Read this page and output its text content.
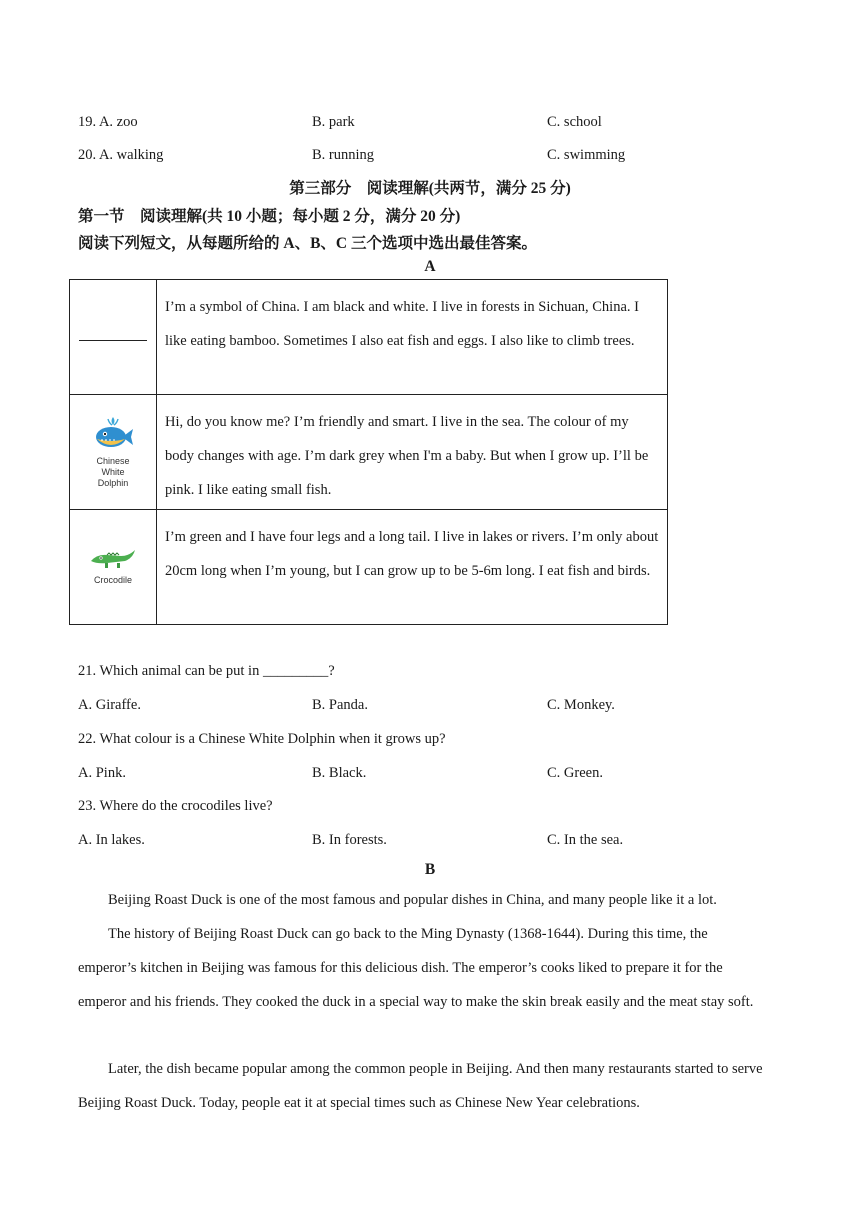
19. A. zoo	B. park	C. school
20. A. walking	B. running	C. swimming
第三部分　阅读理解(共两节，满分 25 分)
第一节　阅读理解(共 10 小题；每小题 2 分，满分 20 分)
阅读下列短文，从每题所给的 A、B、C 三个选项中选出最佳答案。
A
	I’m a symbol of China. I am black and white. I live in forests in Sichuan, China. I like eating bamboo. Sometimes I also eat fish and eggs. I also like to climb trees.

Chinese
White
Dolphin	Hi, do you know me? I’m friendly and smart. I live in the sea. The colour of my body changes with age. I’m dark grey when I'm a baby. But when I grow up. I’ll be pink. I like eating small fish.

Crocodile	I’m green and I have four legs and a long tail. I live in lakes or rivers. I’m only about 20cm long when I’m young, but I can grow up to be 5-6m long. I eat fish and birds.
21. Which animal can be put in _________?
A. Giraffe.	B. Panda.	C. Monkey.
22. What colour is a Chinese White Dolphin when it grows up?
A. Pink.	B. Black.	C. Green.
23. Where do the crocodiles live?
A. In lakes.	B. In forests.	C. In the sea.
B
Beijing Roast Duck is one of the most famous and popular dishes in China, and many people like it a lot.
The history of Beijing Roast Duck can go back to the Ming Dynasty (1368-1644). During this time, the emperor’s kitchen in Beijing was famous for this delicious dish. The emperor’s cooks liked to prepare it for the emperor and his friends. They cooked the duck in a special way to make the skin break easily and the meat stay soft.
Later, the dish became popular among the common people in Beijing. And then many restaurants started to serve Beijing Roast Duck. Today, people eat it at special times such as Chinese New Year celebrations.
